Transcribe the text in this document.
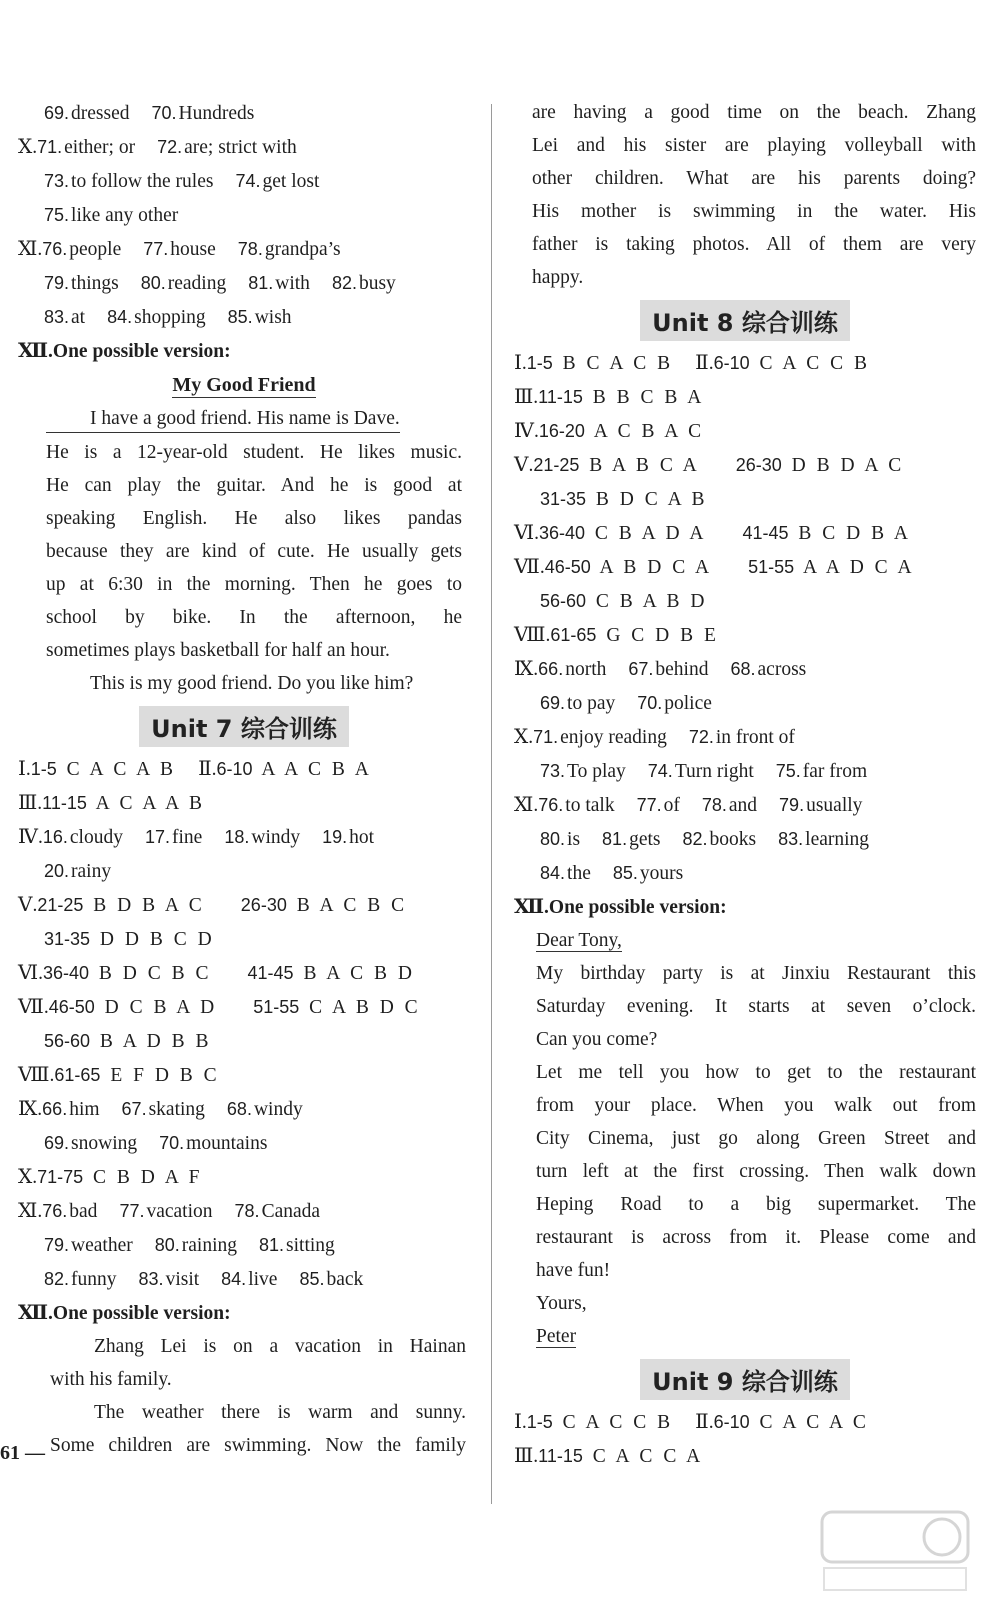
69. dressed 70. Hundreds
Ⅹ.71. either; or 72. are; strict with
73. to follow the rules 74. get lost
75. like any other
Ⅺ.76. people 77. house 78. grandpa’s
79. things 80. reading 81. with 82. busy
83. at 84. shopping 85. wish
Ⅻ.One possible version:
My Good Friend
I have a good friend. His name is Dave.
He is a 12-year-old student. He likes music.
He can play the guitar. And he is good at
speaking English. He also likes pandas
because they are kind of cute. He usually gets
up at 6:30 in the morning. Then he goes to
school by bike. In the afternoon, he
sometimes plays basketball for half an hour.
This is my good friend. Do you like him?
Unit 7 综合训练
Ⅰ.1-5 C A C A B Ⅱ.6-10 A A C B A
Ⅲ.11-15 A C A A B
Ⅳ.16. cloudy 17. fine 18. windy 19. hot
20. rainy
Ⅴ.21-25 B D B A C 26-30 B A C B C
31-35 D D B C D
Ⅵ.36-40 B D C B C 41-45 B A C B D
Ⅶ.46-50 D C B A D 51-55 C A B D C
56-60 B A D B B
Ⅷ.61-65 E F D B C
Ⅸ.66. him 67. skating 68. windy
69. snowing 70. mountains
Ⅹ.71-75 C B D A F
Ⅺ.76. bad 77. vacation 78. Canada
79. weather 80. raining 81. sitting
82. funny 83. visit 84. live 85. back
Ⅻ.One possible version:
Zhang Lei is on a vacation in Hainan
with his family.
The weather there is warm and sunny.
Some children are swimming. Now the family
61 —
are having a good time on the beach. Zhang
Lei and his sister are playing volleyball with
other children. What are his parents doing?
His mother is swimming in the water. His
father is taking photos. All of them are very
happy.
Unit 8 综合训练
Ⅰ.1-5 B C A C B Ⅱ.6-10 C A C C B
Ⅲ.11-15 B B C B A
Ⅳ.16-20 A C B A C
Ⅴ.21-25 B A B C A 26-30 D B D A C
31-35 B D C A B
Ⅵ.36-40 C B A D A 41-45 B C D B A
Ⅶ.46-50 A B D C A 51-55 A A D C A
56-60 C B A B D
Ⅷ.61-65 G C D B E
Ⅸ.66. north 67. behind 68. across
69. to pay 70. police
Ⅹ.71. enjoy reading 72. in front of
73. To play 74. Turn right 75. far from
Ⅺ.76. to talk 77. of 78. and 79. usually
80. is 81. gets 82. books 83. learning
84. the 85. yours
Ⅻ.One possible version:
Dear Tony,
My birthday party is at Jinxiu Restaurant this
Saturday evening. It starts at seven o’clock.
Can you come?
Let me tell you how to get to the restaurant
from your place. When you walk out from
City Cinema, just go along Green Street and
turn left at the first crossing. Then walk down
Heping Road to a big supermarket. The
restaurant is across from it. Please come and
have fun!
Yours,
Peter
Unit 9 综合训练
Ⅰ.1-5 C A C C B Ⅱ.6-10 C A C A C
Ⅲ.11-15 C A C C A
